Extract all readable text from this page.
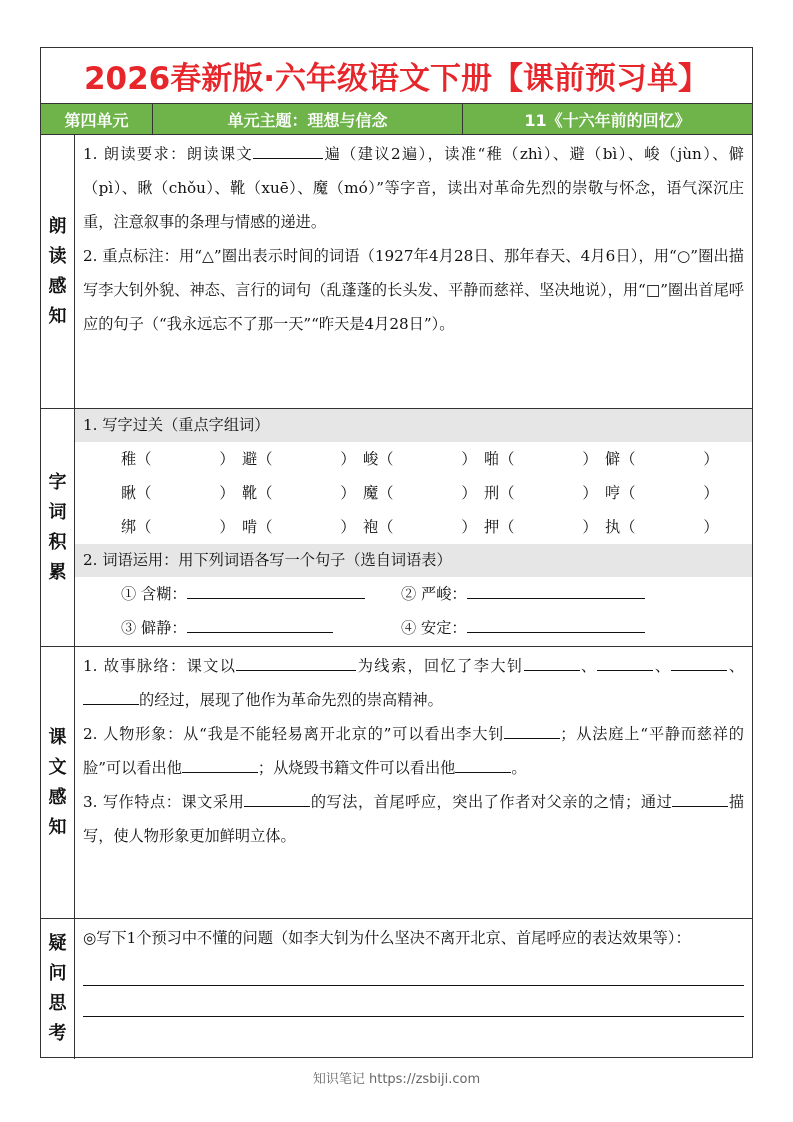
2026春新版·六年级语文下册【课前预习单】
第四单元	单元主题：理想与信念	11《十六年前的回忆》
朗
读
感
知

1. 朗读要求：朗读课文	遍（建议2遍），读准“稚（zhì）、避（bì）、峻（jùn）、僻（pì）、瞅（chǒu）、靴（xuē）、魔（mó）”等字音，读出对革命先烈的崇敬与怀念，语气深沉庄重，注意叙事的条理与情感的递进。

2. 重点标注：用“△”圈出表示时间的词语（1927年4月28日、那年春天、4月6日），用“○”圈出描写李大钊外貌、神态、言行的词句（乱蓬蓬的长头发、平静而慈祥、坚决地说），用“□”圈出首尾呼应的句子（“我永远忘不了那一天”“昨天是4月28日”）。

字
词
积
累
1. 写字过关（重点字组词）
稚（	） 避（	） 峻（	） 啪（	） 僻（	）
瞅（	） 靴（	） 魔（	） 刑（	） 哼（	）
绑（	） 啃（	） 袍（	） 押（	） 执（	）
2. 词语运用：用下列词语各写一个句子（选自词语表）
① 含糊：	② 严峻：
③ 僻静：	④ 安定：
课
文
感
知

1. 故事脉络：课文以	为线索，回忆了李大钊	、	、	、的经过，展现了他作为革命先烈的崇高精神。

2. 人物形象：从“我是不能轻易离开北京的”可以看出李大钊	；从法庭上“平静而慈祥的脸”可以看出他	；从烧毁书籍文件可以看出他	。

3. 写作特点：课文采用	的写法，首尾呼应，突出了作者对父亲的之情；通过	描写，使人物形象更加鲜明立体。

疑
问
思
考

◎写下1个预习中不懂的问题（如李大钊为什么坚决不离开北京、首尾呼应的表达效果等）：

知识笔记 https://zsbiji.com
